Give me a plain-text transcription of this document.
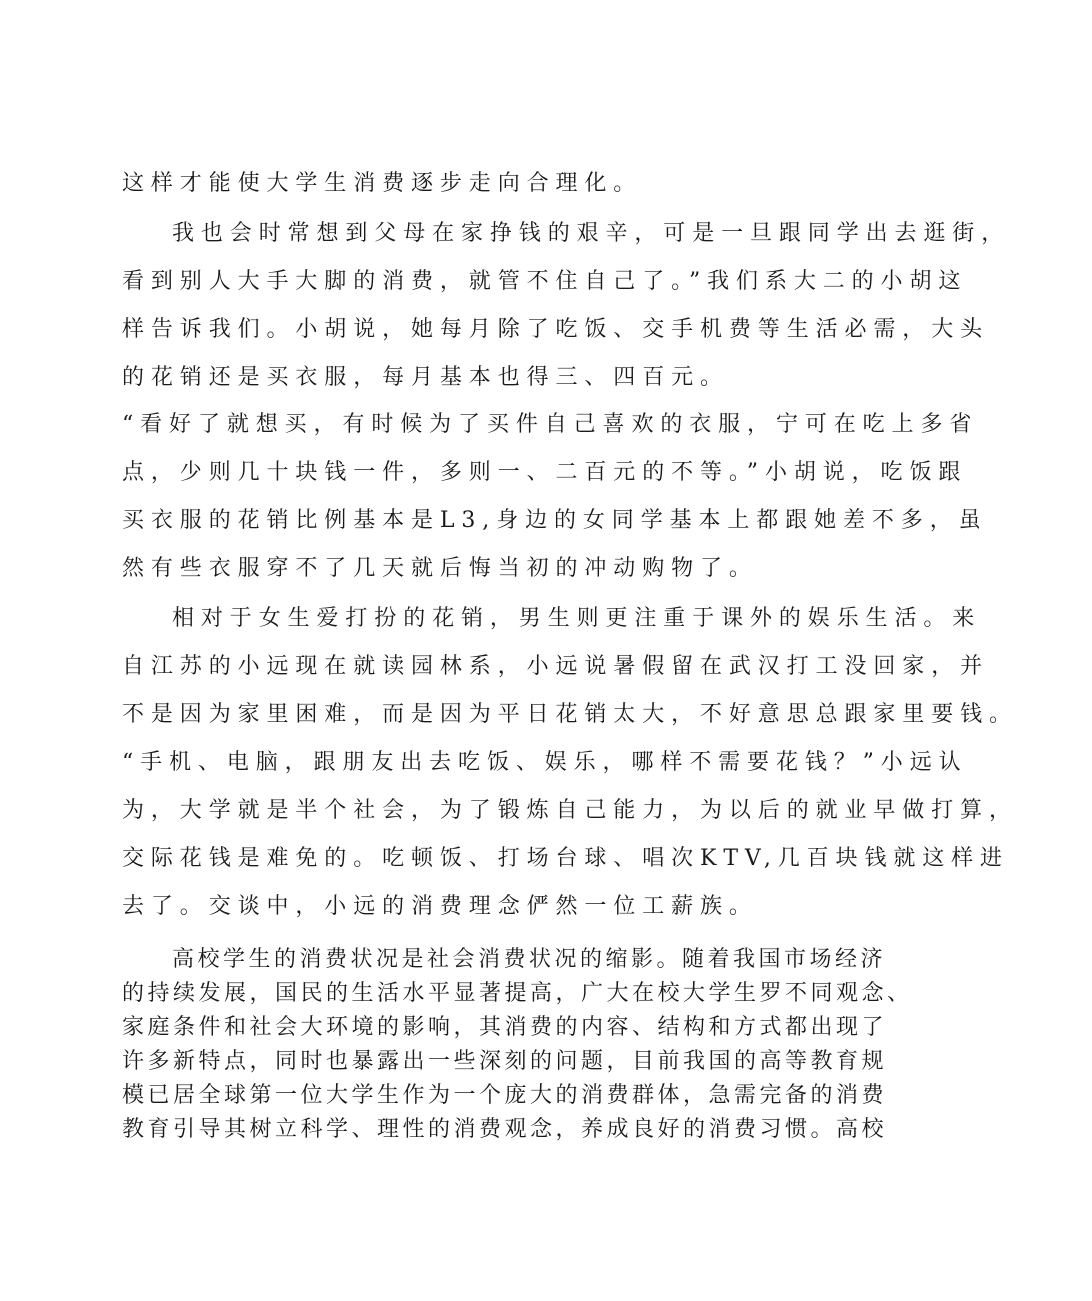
这样才能使大学生消费逐步走向合理化。

我也会时常想到父母在家挣钱的艰辛，可是一旦跟同学出去逛街，

看到别人大手大脚的消费，就管不住自己了。”我们系大二的小胡这

样告诉我们。小胡说，她每月除了吃饭、交手机费等生活必需，大头

的花销还是买衣服，每月基本也得三、四百元。

“看好了就想买，有时候为了买件自己喜欢的衣服，宁可在吃上多省

点，少则几十块钱一件，多则一、二百元的不等。”小胡说，吃饭跟

买衣服的花销比例基本是L3,身边的女同学基本上都跟她差不多，虽

然有些衣服穿不了几天就后悔当初的冲动购物了。

相对于女生爱打扮的花销，男生则更注重于课外的娱乐生活。来

自江苏的小远现在就读园林系，小远说暑假留在武汉打工没回家，并

不是因为家里困难，而是因为平日花销太大，不好意思总跟家里要钱。

“手机、电脑，跟朋友出去吃饭、娱乐，哪样不需要花钱？”小远认

为，大学就是半个社会，为了锻炼自己能力，为以后的就业早做打算，

交际花钱是难免的。吃顿饭、打场台球、唱次KTV,几百块钱就这样进

去了。交谈中，小远的消费理念俨然一位工薪族。

高校学生的消费状况是社会消费状况的缩影。随着我国市场经济

的持续发展，国民的生活水平显著提高，广大在校大学生罗不同观念、

家庭条件和社会大环境的影响，其消费的内容、结构和方式都出现了

许多新特点，同时也暴露出一些深刻的问题，目前我国的高等教育规

模已居全球第一位大学生作为一个庞大的消费群体，急需完备的消费

教育引导其树立科学、理性的消费观念，养成良好的消费习惯。高校
